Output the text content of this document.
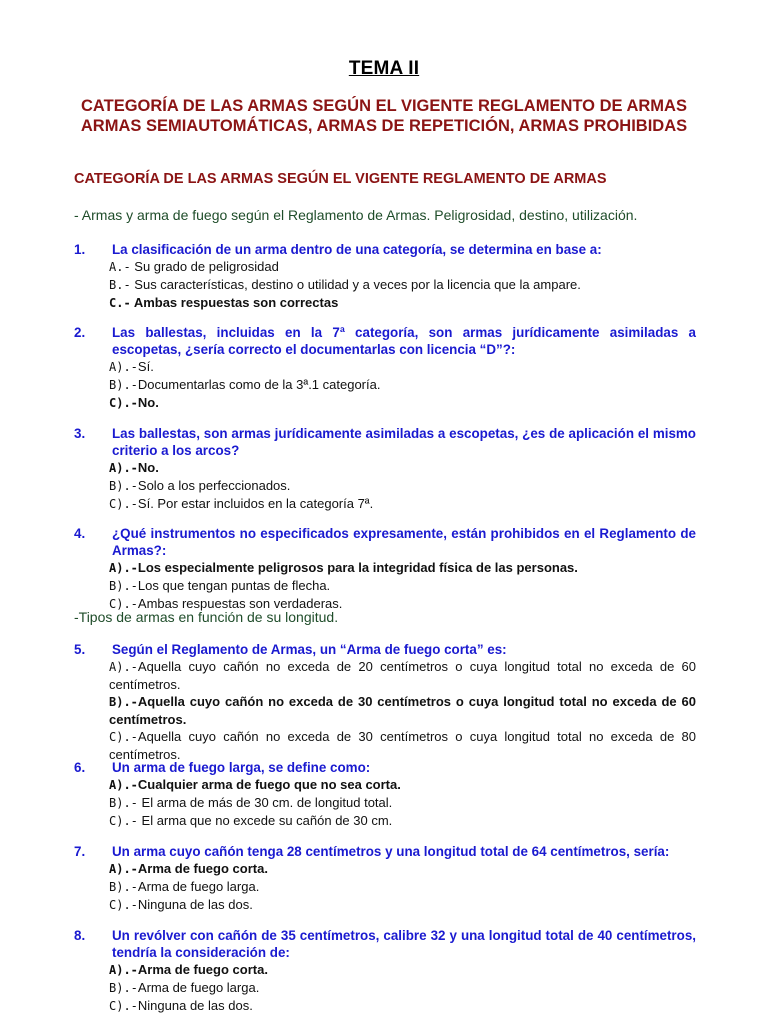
TEMA II
CATEGORÍA DE LAS ARMAS SEGÚN EL VIGENTE REGLAMENTO DE ARMAS
ARMAS SEMIAUTOMÁTICAS, ARMAS DE REPETICIÓN, ARMAS PROHIBIDAS
CATEGORÍA DE LAS ARMAS SEGÚN EL VIGENTE REGLAMENTO DE ARMAS
- Armas y arma de fuego según el Reglamento de Armas. Peligrosidad, destino, utilización.
1.	La clasificación de un arma dentro de una categoría, se determina en base a:
A.- Su grado de peligrosidad
B.- Sus características, destino o utilidad y a veces por la licencia que la ampare.
C.- Ambas respuestas son correctas
2.	Las ballestas, incluidas en la 7ª categoría, son armas jurídicamente asimiladas a escopetas, ¿sería correcto el documentarlas con licencia “D”?:
A).-Sí.
B).-Documentarlas como de la 3ª.1 categoría.
C).-No.
3.	Las ballestas, son armas jurídicamente asimiladas a escopetas, ¿es de aplicación el mismo criterio a los arcos?
A).-No.
B).-Solo a los perfeccionados.
C).-Sí. Por estar incluidos en la categoría 7ª.
4.	¿Qué instrumentos no especificados expresamente, están prohibidos en el Reglamento de Armas?:
A).-Los especialmente peligrosos para la integridad física de las personas.
B).-Los que tengan puntas de flecha.
C).-Ambas respuestas son verdaderas.
-Tipos de armas en función de su longitud.
5.	Según el Reglamento de Armas, un “Arma de fuego corta” es:
A).-Aquella cuyo cañón no exceda de 20 centímetros o cuya longitud total no exceda de 60 centímetros.
B).-Aquella cuyo cañón no exceda de 30 centímetros o cuya longitud total no exceda de 60 centímetros.
C).-Aquella cuyo cañón no exceda de 30 centímetros o cuya longitud total no exceda de 80 centímetros.
6.	Un arma de fuego larga, se define como:
A).-Cualquier arma de fuego que no sea corta.
B).- El arma de más de 30 cm. de longitud total.
C).- El arma que no excede su cañón de 30 cm.
7.	Un arma cuyo cañón tenga 28 centímetros y una longitud total de 64 centímetros, sería:
A).-Arma de fuego corta.
B).-Arma de fuego larga.
C).-Ninguna de las dos.
8.	Un revólver con cañón de 35 centímetros, calibre 32 y una longitud total de 40 centímetros, tendría la consideración de:
A).-Arma de fuego corta.
B).-Arma de fuego larga.
C).-Ninguna de las dos.
